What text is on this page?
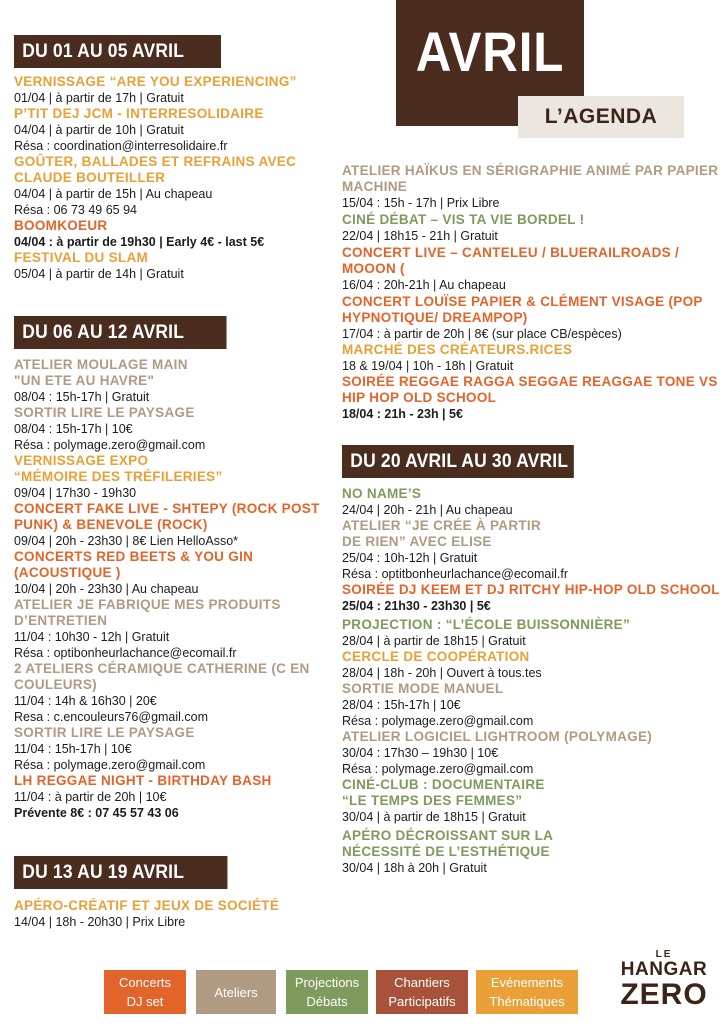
AVRIL
L’AGENDA
DU 01 AU 05 AVRIL
DU 06 AU 12 AVRIL
DU 13 AU 19 AVRIL
DU 20 AVRIL AU 30 AVRIL
VERNISSAGE “ARE YOU EXPERIENCING”
01/04 | à partir de 17h | Gratuit
P’TIT DEJ JCM - INTERRESOLIDAIRE
04/04 | à partir de 10h | Gratuit
Résa : coordination@interresolidaire.fr
GOÛTER, BALLADES ET REFRAINS AVEC CLAUDE BOUTEILLER
04/04 | à partir de 15h | Au chapeau
Résa : 06 73 49 65 94
BOOMKOEUR
04/04 : à partir de 19h30 | Early 4€ - last 5€
FESTIVAL DU SLAM
05/04 | à partir de 14h | Gratuit
ATELIER MOULAGE MAIN
"UN ETE AU HAVRE"
08/04 : 15h-17h | Gratuit
SORTIR LIRE LE PAYSAGE
08/04 : 15h-17h | 10€
Résa : polymage.zero@gmail.com
VERNISSAGE EXPO
“MÉMOIRE DES TRÉFILERIES”
09/04 | 17h30 - 19h30
CONCERT FAKE LIVE - SHTEPY (ROCK POST PUNK) & BENEVOLE (ROCK)
09/04 | 20h - 23h30 | 8€ Lien HelloAsso*
CONCERTS RED BEETS & YOU GIN (ACOUSTIQUE )
10/04 | 20h - 23h30 | Au chapeau
ATELIER JE FABRIQUE MES PRODUITS D’ENTRETIEN
11/04 : 10h30 - 12h | Gratuit
Résa : optibonheurlachance@ecomail.fr
2 ATELIERS CÉRAMIQUE CATHERINE (C EN COULEURS)
11/04 : 14h & 16h30 | 20€
Resa : c.encouleurs76@gmail.com
SORTIR LIRE LE PAYSAGE
11/04 : 15h-17h | 10€
Résa : polymage.zero@gmail.com
LH REGGAE NIGHT - BIRTHDAY BASH
11/04 : à partir de 20h | 10€
Prévente 8€ : 07 45 57 43 06
APÉRO-CRÉATIF ET JEUX DE SOCIÉTÉ
14/04 | 18h - 20h30 | Prix Libre
ATELIER HAÏKUS EN SÉRIGRAPHIE ANIMÉ PAR PAPIER MACHINE
15/04 : 15h - 17h | Prix Libre
CINÉ DÉBAT – VIS TA VIE BORDEL !
22/04 | 18h15 - 21h | Gratuit
CONCERT LIVE – CANTELEU / BLUERAILROADS / MOOON (
16/04 : 20h-21h | Au chapeau
CONCERT LOUÏSE PAPIER & CLÉMENT VISAGE (POP HYPNOTIQUE/ DREAMPOP)
17/04 : à partir de 20h | 8€ (sur place CB/espèces)
MARCHÉ DES CRÉATEURS.RICES
18 & 19/04 | 10h - 18h | Gratuit
SOIRÉE REGGAE RAGGA SEGGAE REAGGAE TONE VS HIP HOP OLD SCHOOL
18/04 : 21h - 23h | 5€
NO NAME’S
24/04 | 20h - 21h | Au chapeau
ATELIER “JE CRÉE À PARTIR
DE RIEN” AVEC ELISE
25/04 : 10h-12h | Gratuit
Résa : optitbonheurlachance@ecomail.fr
SOIRÉE DJ KEEM ET DJ RITCHY HIP-HOP OLD SCHOOL
25/04 : 21h30 - 23h30 | 5€
PROJECTION : “L’ÉCOLE BUISSONNIÈRE”
28/04 | à partir de 18h15 | Gratuit
CERCLE DE COOPÉRATION
28/04 | 18h - 20h | Ouvert à tous.tes
SORTIE MODE MANUEL
28/04 : 15h-17h | 10€
Résa : polymage.zero@gmail.com
ATELIER LOGICIEL LIGHTROOM (POLYMAGE)
30/04 : 17h30 – 19h30 | 10€
Résa : polymage.zero@gmail.com
CINÉ-CLUB : DOCUMENTAIRE
“LE TEMPS DES FEMMES”
30/04 | à partir de 18h15 | Gratuit
APÉRO DÉCROISSANT SUR LA
NÉCESSITÉ DE L’ESTHÉTIQUE
30/04 | 18h à 20h | Gratuit
Concerts
DJ set
Ateliers
Projections
Débats
Chantiers
Participatifs
Evénements
Thématiques
LE
HANGAR
ZERO
